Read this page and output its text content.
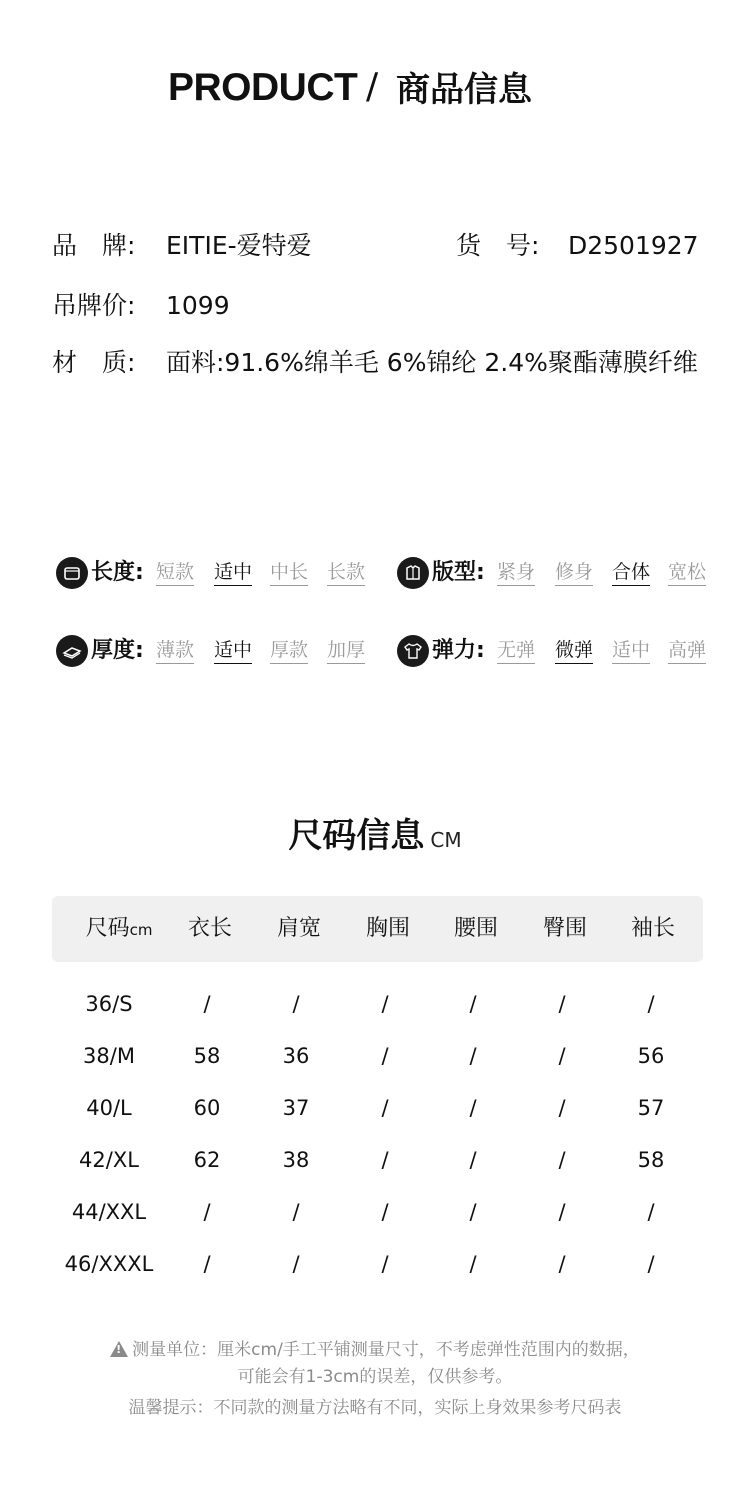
PRODUCT / 商品信息
品　牌: EITIE-爱特爱	货　号: D2501927
吊牌价: 1099
材　质: 面料:91.6%绵羊毛 6%锦纶 2.4%聚酯薄膜纤维
长度: 短款 适中 中长 长款	版型: 紧身 修身 合体 宽松
厚度: 薄款 适中 厚款 加厚	弹力: 无弹 微弹 适中 高弹
尺码信息 CM
尺码cm	衣长	肩宽	胸围	腰围	臀围	袖长
36/S	/	/	/	/	/	/
38/M	58	36	/	/	/	56
40/L	60	37	/	/	/	57
42/XL	62	38	/	/	/	58
44/XXL	/	/	/	/	/	/
46/XXXL	/	/	/	/	/	/
!测量单位：厘米cm/手工平铺测量尺寸，不考虑弹性范围内的数据，
可能会有1-3cm的误差，仅供参考。
温馨提示：不同款的测量方法略有不同，实际上身效果参考尺码表
